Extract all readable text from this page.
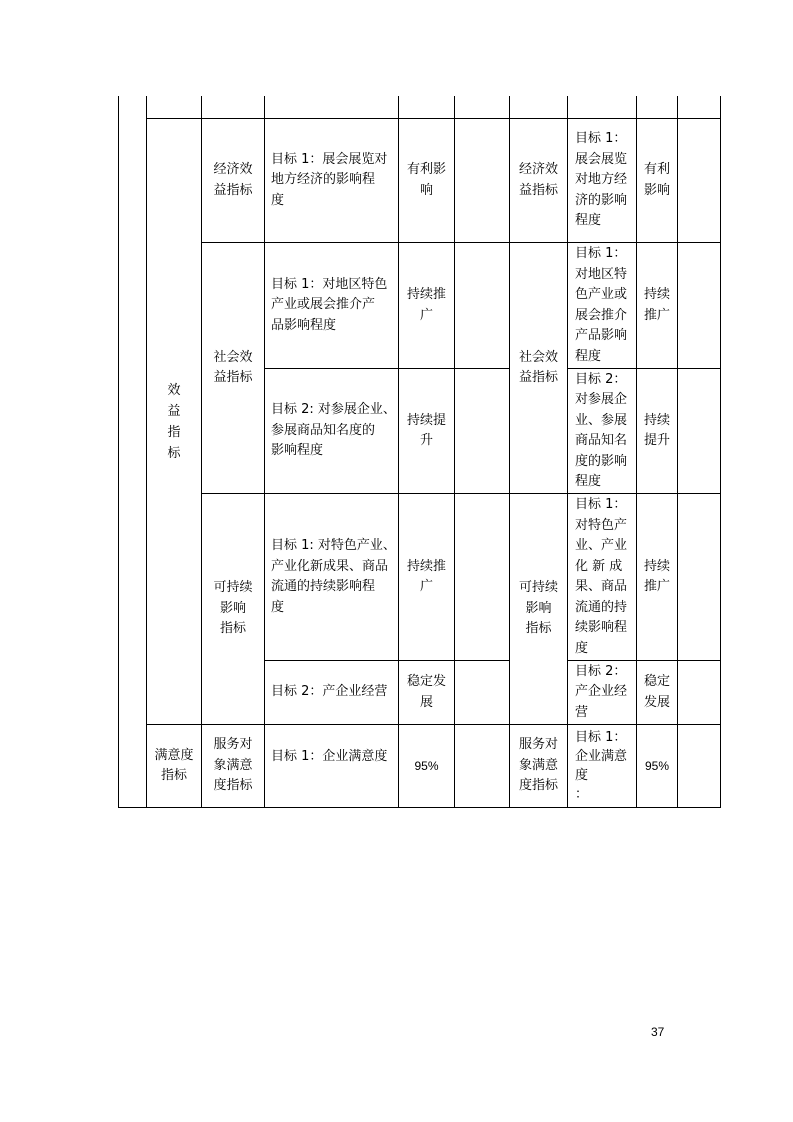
效
益
指
标
满意度
指标
经济效
益指标
目标 1：展会展览对
地方经济的影响程
度
有利影
响
经济效
益指标
目标 1：
展会展览
对地方经
济的影响
程度
有利
影响
社会效
益指标
社会效
益指标
目标 1：对地区特色
产业或展会推介产
品影响程度
持续推
广
目标 1：
对地区特
色产业或
展会推介
产品影响
程度
持续
推广
目标 2: 对参展企业、
参展商品知名度的
影响程度
持续提
升
目标 2：
对参展企
业、参展
商品知名
度的影响
程度
持续
提升
可持续
影响
指标
可持续
影响
指标
目标 1: 对特色产业、
产业化新成果、商品
流通的持续影响程
度
持续推
广
目标 1：
对特色产
业、产业
化 新 成
果、商品
流通的持
续影响程
度
持续
推广
目标 2：产企业经营
稳定发
展
目标 2：
产企业经
营
稳定
发展
服务对
象满意
度指标
目标 1：企业满意度
95%
服务对
象满意
度指标
目标 1：
企业满意
度
：
95%
37
